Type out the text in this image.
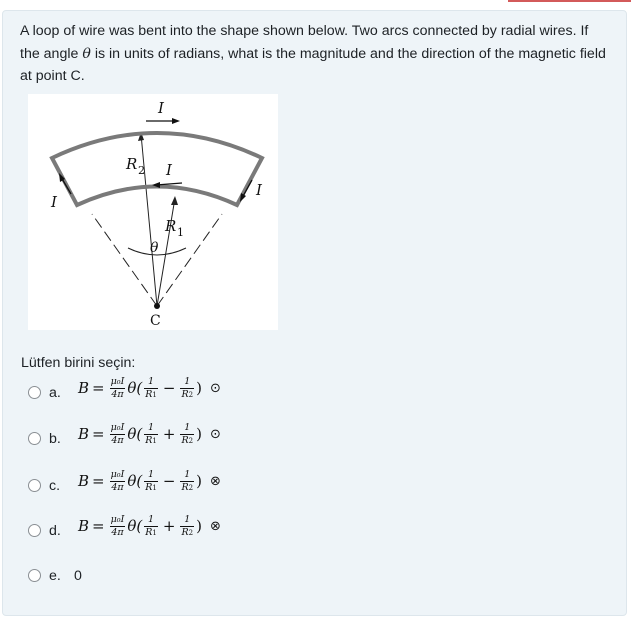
A loop of wire was bent into the shape shown below. Two arcs connected by radial wires. If the angle θ is in units of radians, what is the magnitude and the direction of the magnetic field at point C.
I
I
I
I
R 2
R 1
θ
C
Lütfen birini seçin:
a. $B = \frac{\text{μ₀I}}{4\pi} \theta( \frac{1}{R1} - \frac{1}{R2}$ ) ⊙
b. $B = \frac{\text{μ₀I}}{4\pi} \theta( \frac{1}{R1} + \frac{1}{R2}$ ) ⊙
c. $B = \frac{\text{μ₀I}}{4\pi} \theta( \frac{1}{R1} - \frac{1}{R2}$ ) ⊗
d. $B = \frac{\text{μ₀I}}{4\pi} \theta( \frac{1}{R1} + \frac{1}{R2}$ ) ⊗
e. 0
